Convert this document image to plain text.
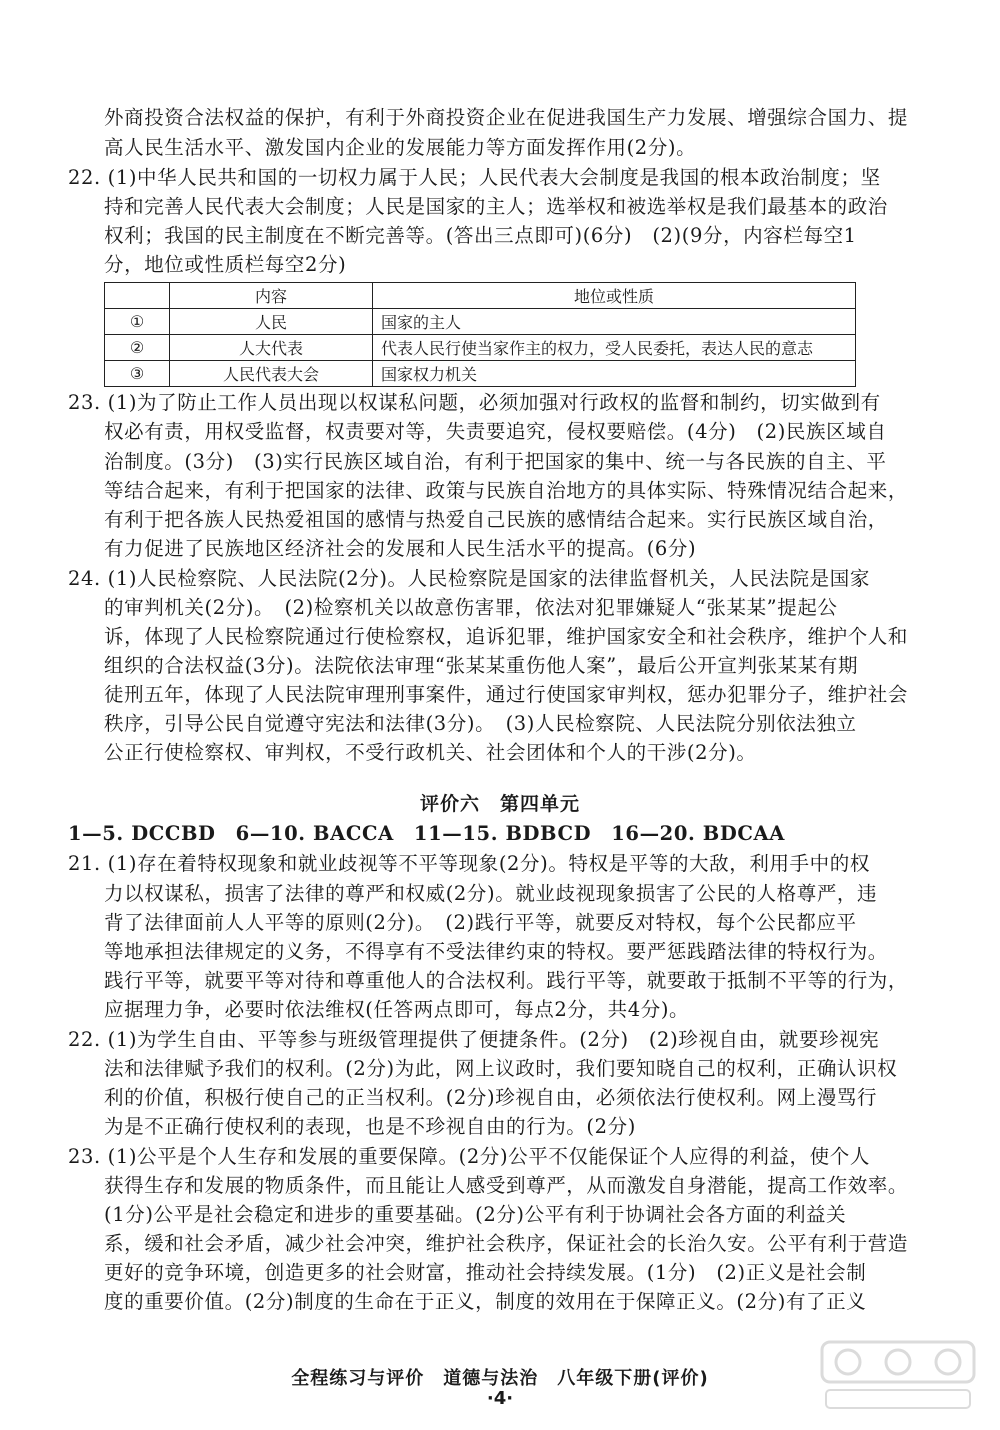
外商投资合法权益的保护，有利于外商投资企业在促进我国生产力发展、增强综合国力、提
高人民生活水平、激发国内企业的发展能力等方面发挥作用(2分)。
22. (1)中华人民共和国的一切权力属于人民；人民代表大会制度是我国的根本政治制度；坚
持和完善人民代表大会制度；人民是国家的主人；选举权和被选举权是我们最基本的政治
权利；我国的民主制度在不断完善等。(答出三点即可)(6分)　(2)(9分，内容栏每空1
分，地位或性质栏每空2分)
	内容	地位或性质
①	人民	国家的主人
②	人大代表	代表人民行使当家作主的权力，受人民委托，表达人民的意志
③	人民代表大会	国家权力机关
23. (1)为了防止工作人员出现以权谋私问题，必须加强对行政权的监督和制约，切实做到有
权必有责，用权受监督，权责要对等，失责要追究，侵权要赔偿。(4分)　(2)民族区域自
治制度。(3分)　(3)实行民族区域自治，有利于把国家的集中、统一与各民族的自主、平
等结合起来，有利于把国家的法律、政策与民族自治地方的具体实际、特殊情况结合起来，
有利于把各族人民热爱祖国的感情与热爱自己民族的感情结合起来。实行民族区域自治，
有力促进了民族地区经济社会的发展和人民生活水平的提高。(6分)
24. (1)人民检察院、人民法院(2分)。人民检察院是国家的法律监督机关，人民法院是国家
的审判机关(2分)。　(2)检察机关以故意伤害罪，依法对犯罪嫌疑人“张某某”提起公
诉，体现了人民检察院通过行使检察权，追诉犯罪，维护国家安全和社会秩序，维护个人和
组织的合法权益(3分)。法院依法审理“张某某重伤他人案”，最后公开宣判张某某有期
徒刑五年，体现了人民法院审理刑事案件，通过行使国家审判权，惩办犯罪分子，维护社会
秩序，引导公民自觉遵守宪法和法律(3分)。　(3)人民检察院、人民法院分别依法独立
公正行使检察权、审判权，不受行政机关、社会团体和个人的干涉(2分)。
评价六　第四单元
1—5. DCCBD　6—10. BACCA　11—15. BDBCD　16—20. BDCAA
21. (1)存在着特权现象和就业歧视等不平等现象(2分)。特权是平等的大敌，利用手中的权
力以权谋私，损害了法律的尊严和权威(2分)。就业歧视现象损害了公民的人格尊严，违
背了法律面前人人平等的原则(2分)。　(2)践行平等，就要反对特权，每个公民都应平
等地承担法律规定的义务，不得享有不受法律约束的特权。要严惩践踏法律的特权行为。
践行平等，就要平等对待和尊重他人的合法权利。践行平等，就要敢于抵制不平等的行为，
应据理力争，必要时依法维权(任答两点即可，每点2分，共4分)。
22. (1)为学生自由、平等参与班级管理提供了便捷条件。(2分)　(2)珍视自由，就要珍视宪
法和法律赋予我们的权利。(2分)为此，网上议政时，我们要知晓自己的权利，正确认识权
利的价值，积极行使自己的正当权利。(2分)珍视自由，必须依法行使权利。网上漫骂行
为是不正确行使权利的表现，也是不珍视自由的行为。(2分)
23. (1)公平是个人生存和发展的重要保障。(2分)公平不仅能保证个人应得的利益，使个人
获得生存和发展的物质条件，而且能让人感受到尊严，从而激发自身潜能，提高工作效率。
(1分)公平是社会稳定和进步的重要基础。(2分)公平有利于协调社会各方面的利益关
系，缓和社会矛盾，减少社会冲突，维护社会秩序，保证社会的长治久安。公平有利于营造
更好的竞争环境，创造更多的社会财富，推动社会持续发展。(1分)　(2)正义是社会制
度的重要价值。(2分)制度的生命在于正义，制度的效用在于保障正义。(2分)有了正义
全程练习与评价　道德与法治　八年级下册(评价)
·4·
